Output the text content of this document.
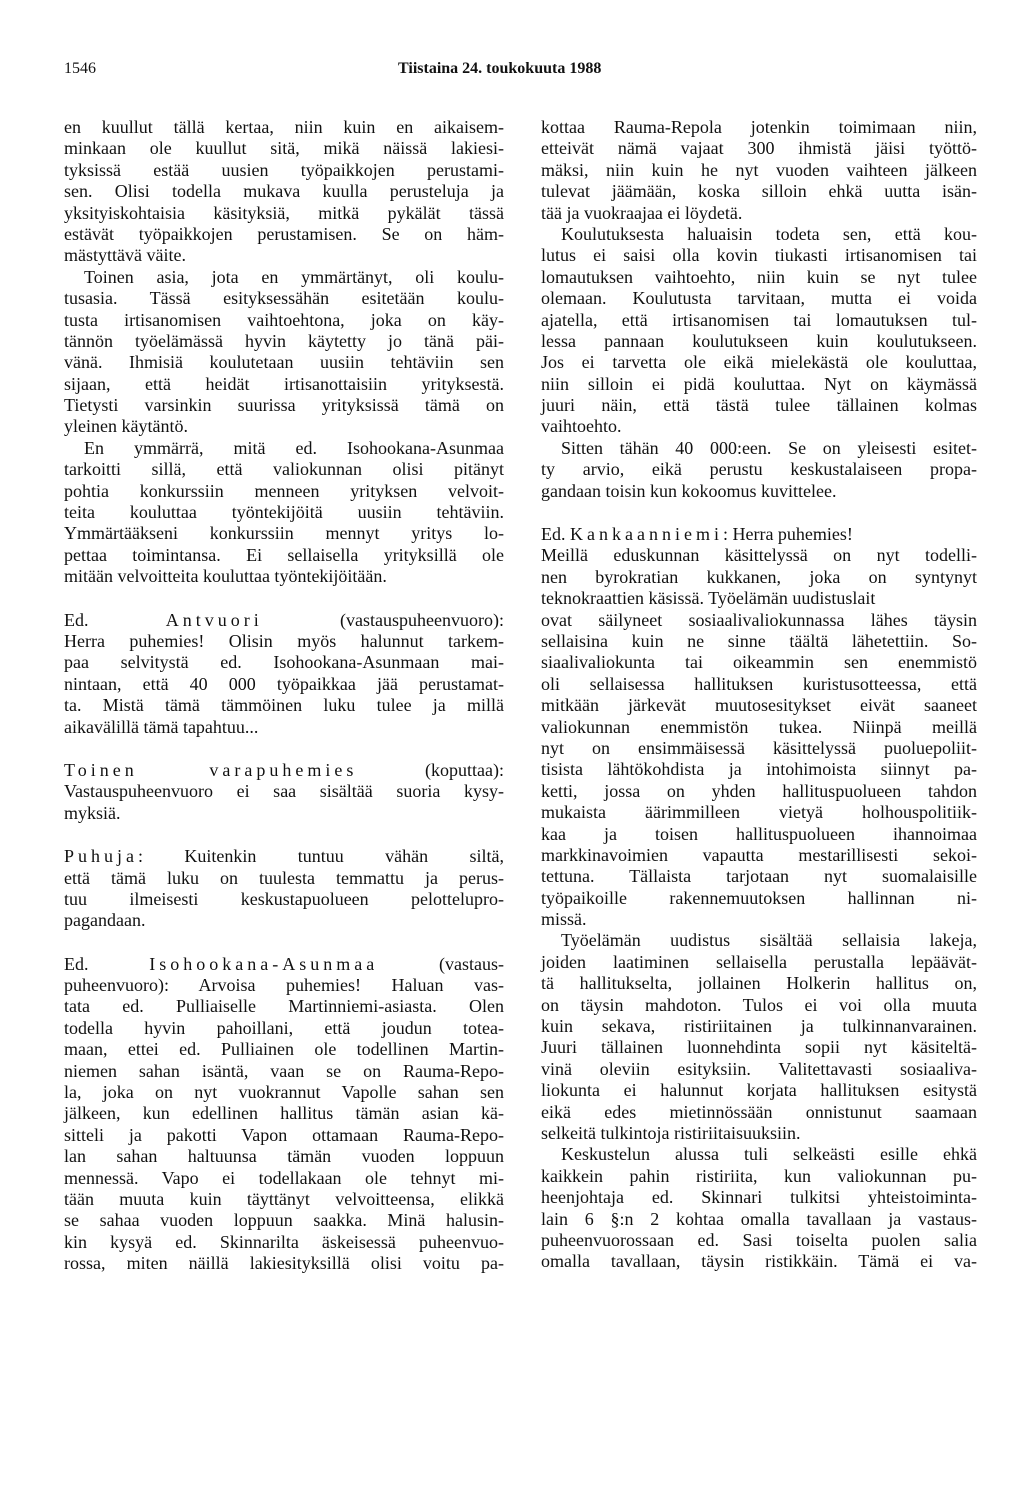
1546	Tiistaina 24. toukokuuta 1988
en kuullut tällä kertaa, niin kuin en aikaisem-
minkaan ole kuullut sitä, mikä näissä lakiesi-
tyksissä estää uusien työpaikkojen perustami-
sen. Olisi todella mukava kuulla perusteluja ja
yksityiskohtaisia käsityksiä, mitkä pykälät tässä
estävät työpaikkojen perustamisen. Se on häm-
mästyttävä väite.
Toinen asia, jota en ymmärtänyt, oli koulu-
tusasia. Tässä esityksessähän esitetään koulu-
tusta irtisanomisen vaihtoehtona, joka on käy-
tännön työelämässä hyvin käytetty jo tänä päi-
vänä. Ihmisiä koulutetaan uusiin tehtäviin sen
sijaan, että heidät irtisanottaisiin yrityksestä.
Tietysti varsinkin suurissa yrityksissä tämä on
yleinen käytäntö.
En ymmärrä, mitä ed. Isohookana-Asunmaa
tarkoitti sillä, että valiokunnan olisi pitänyt
pohtia konkurssiin menneen yrityksen velvoit-
teita kouluttaa työntekijöitä uusiin tehtäviin.
Ymmärtääkseni konkurssiin mennyt yritys lo-
pettaa toimintansa. Ei sellaisella yrityksillä ole
mitään velvoitteita kouluttaa työntekijöitään.
Ed. Antvuori (vastauspuheenvuoro):
Herra puhemies! Olisin myös halunnut tarkem-
paa selvitystä ed. Isohookana-Asunmaan mai-
nintaan, että 40 000 työpaikkaa jää perustamat-
ta. Mistä tämä tämmöinen luku tulee ja millä
aikavälillä tämä tapahtuu...
Toinen varapuhemies (koputtaa):
Vastauspuheenvuoro ei saa sisältää suoria kysy-
myksiä.
Puhuja: Kuitenkin tuntuu vähän siltä,
että tämä luku on tuulesta temmattu ja perus-
tuu ilmeisesti keskustapuolueen pelottelupro-
pagandaan.
Ed. Isohookana-Asunmaa (vastaus-
puheenvuoro): Arvoisa puhemies! Haluan vas-
tata ed. Pulliaiselle Martinniemi-asiasta. Olen
todella hyvin pahoillani, että joudun totea-
maan, ettei ed. Pulliainen ole todellinen Martin-
niemen sahan isäntä, vaan se on Rauma-Repo-
la, joka on nyt vuokrannut Vapolle sahan sen
jälkeen, kun edellinen hallitus tämän asian kä-
sitteli ja pakotti Vapon ottamaan Rauma-Repo-
lan sahan haltuunsa tämän vuoden loppuun
mennessä. Vapo ei todellakaan ole tehnyt mi-
tään muuta kuin täyttänyt velvoitteensa, elikkä
se sahaa vuoden loppuun saakka. Minä halusin-
kin kysyä ed. Skinnarilta äskeisessä puheenvuo-
rossa, miten näillä lakiesityksillä olisi voitu pa-
kottaa Rauma-Repola jotenkin toimimaan niin,
etteivät nämä vajaat 300 ihmistä jäisi työttö-
mäksi, niin kuin he nyt vuoden vaihteen jälkeen
tulevat jäämään, koska silloin ehkä uutta isän-
tää ja vuokraajaa ei löydetä.
Koulutuksesta haluaisin todeta sen, että kou-
lutus ei saisi olla kovin tiukasti irtisanomisen tai
lomautuksen vaihtoehto, niin kuin se nyt tulee
olemaan. Koulutusta tarvitaan, mutta ei voida
ajatella, että irtisanomisen tai lomautuksen tul-
lessa pannaan koulutukseen kuin koulutukseen.
Jos ei tarvetta ole eikä mielekästä ole kouluttaa,
niin silloin ei pidä kouluttaa. Nyt on käymässä
juuri näin, että tästä tulee tällainen kolmas
vaihtoehto.
Sitten tähän 40 000:een. Se on yleisesti esitet-
ty arvio, eikä perustu keskustalaiseen propa-
gandaan toisin kun kokoomus kuvittelee.
Ed. Kankaanniemi: Herra puhemies!
Meillä eduskunnan käsittelyssä on nyt todelli-
nen byrokratian kukkanen, joka on syntynyt
teknokraattien käsissä. Työelämän uudistuslait
ovat säilyneet sosiaalivaliokunnassa lähes täysin
sellaisina kuin ne sinne täältä lähetettiin. So-
siaalivaliokunta tai oikeammin sen enemmistö
oli sellaisessa hallituksen kuristusotteessa, että
mitkään järkevät muutosesitykset eivät saaneet
valiokunnan enemmistön tukea. Niinpä meillä
nyt on ensimmäisessä käsittelyssä puoluepoliit-
tisista lähtökohdista ja intohimoista siinnyt pa-
ketti, jossa on yhden hallituspuolueen tahdon
mukaista äärimmilleen vietyä holhouspolitiik-
kaa ja toisen hallituspuolueen ihannoimaa
markkinavoimien vapautta mestarillisesti sekoi-
tettuna. Tällaista tarjotaan nyt suomalaisille
työpaikoille rakennemuutoksen hallinnan ni-
missä.
Työelämän uudistus sisältää sellaisia lakeja,
joiden laatiminen sellaisella perustalla lepäävät-
tä hallitukselta, jollainen Holkerin hallitus on,
on täysin mahdoton. Tulos ei voi olla muuta
kuin sekava, ristiriitainen ja tulkinnanvarainen.
Juuri tällainen luonnehdinta sopii nyt käsiteltä-
vinä oleviin esityksiin. Valitettavasti sosiaaliva-
liokunta ei halunnut korjata hallituksen esitystä
eikä edes mietinnössään onnistunut saamaan
selkeitä tulkintoja ristiriitaisuuksiin.
Keskustelun alussa tuli selkeästi esille ehkä
kaikkein pahin ristiriita, kun valiokunnan pu-
heenjohtaja ed. Skinnari tulkitsi yhteistoiminta-
lain 6 §:n 2 kohtaa omalla tavallaan ja vastaus-
puheenvuorossaan ed. Sasi toiselta puolen salia
omalla tavallaan, täysin ristikkäin. Tämä ei va-
